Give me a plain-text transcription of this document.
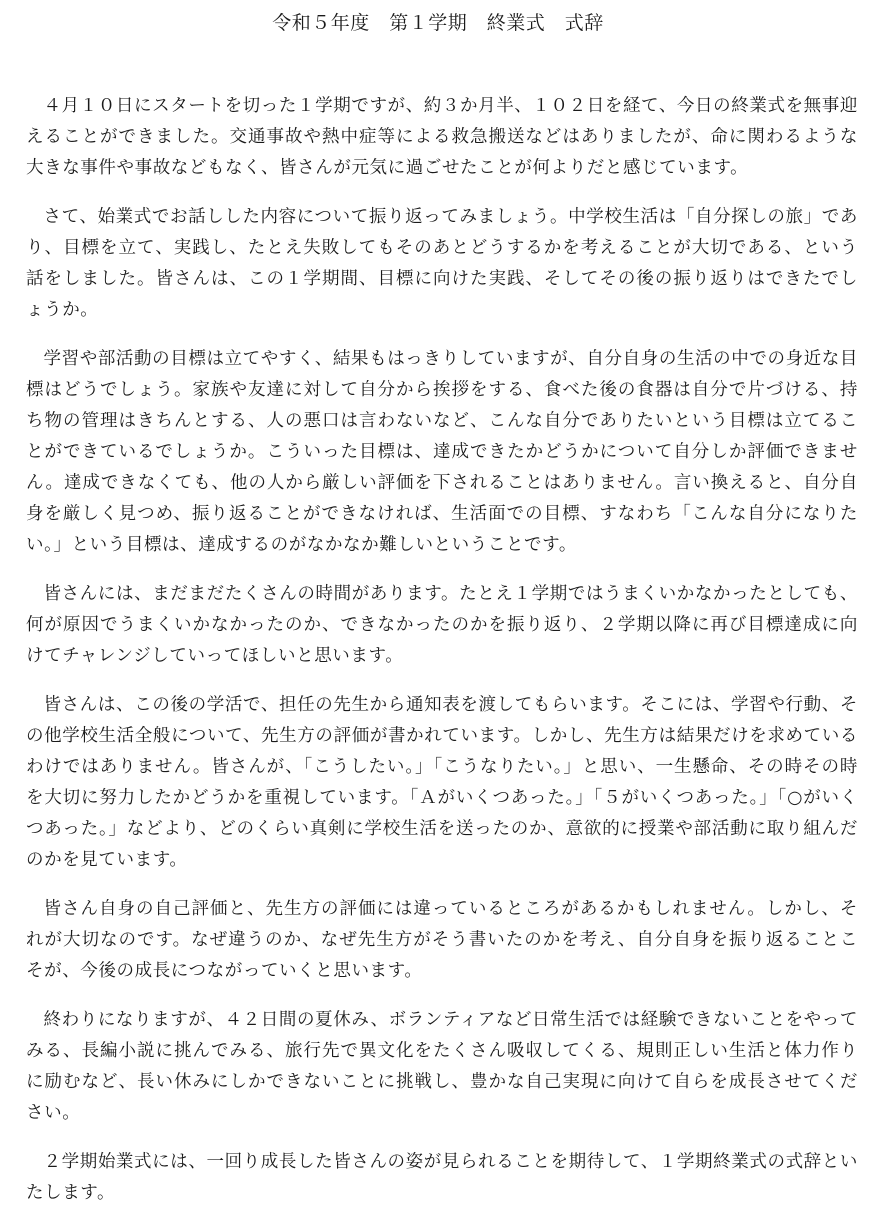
令和５年度　第１学期　終業式　式辞

４月１０日にスタートを切った１学期ですが、約３か月半、１０２日を経て、今日の終業式を無事迎えることができました。交通事故や熱中症等による救急搬送などはありましたが、命に関わるような大きな事件や事故などもなく、皆さんが元気に過ごせたことが何よりだと感じています。

さて、始業式でお話しした内容について振り返ってみましょう。中学校生活は「自分探しの旅」であり、目標を立て、実践し、たとえ失敗してもそのあとどうするかを考えることが大切である、という話をしました。皆さんは、この１学期間、目標に向けた実践、そしてその後の振り返りはできたでしょうか。

学習や部活動の目標は立てやすく、結果もはっきりしていますが、自分自身の生活の中での身近な目標はどうでしょう。家族や友達に対して自分から挨拶をする、食べた後の食器は自分で片づける、持ち物の管理はきちんとする、人の悪口は言わないなど、こんな自分でありたいという目標は立てることができているでしょうか。こういった目標は、達成できたかどうかについて自分しか評価できません。達成できなくても、他の人から厳しい評価を下されることはありません。言い換えると、自分自身を厳しく見つめ、振り返ることができなければ、生活面での目標、すなわち「こんな自分になりたい。」という目標は、達成するのがなかなか難しいということです。

皆さんには、まだまだたくさんの時間があります。たとえ１学期ではうまくいかなかったとしても、何が原因でうまくいかなかったのか、できなかったのかを振り返り、２学期以降に再び目標達成に向けてチャレンジしていってほしいと思います。

皆さんは、この後の学活で、担任の先生から通知表を渡してもらいます。そこには、学習や行動、その他学校生活全般について、先生方の評価が書かれています。しかし、先生方は結果だけを求めているわけではありません。皆さんが、「こうしたい。」「こうなりたい。」と思い、一生懸命、その時その時を大切に努力したかどうかを重視しています。「Ａがいくつあった。」「５がいくつあった。」「○がいくつあった。」などより、どのくらい真剣に学校生活を送ったのか、意欲的に授業や部活動に取り組んだのかを見ています。

皆さん自身の自己評価と、先生方の評価には違っているところがあるかもしれません。しかし、それが大切なのです。なぜ違うのか、なぜ先生方がそう書いたのかを考え、自分自身を振り返ることこそが、今後の成長につながっていくと思います。

終わりになりますが、４２日間の夏休み、ボランティアなど日常生活では経験できないことをやってみる、長編小説に挑んでみる、旅行先で異文化をたくさん吸収してくる、規則正しい生活と体力作りに励むなど、長い休みにしかできないことに挑戦し、豊かな自己実現に向けて自らを成長させてください。

２学期始業式には、一回り成長した皆さんの姿が見られることを期待して、１学期終業式の式辞といたします。
